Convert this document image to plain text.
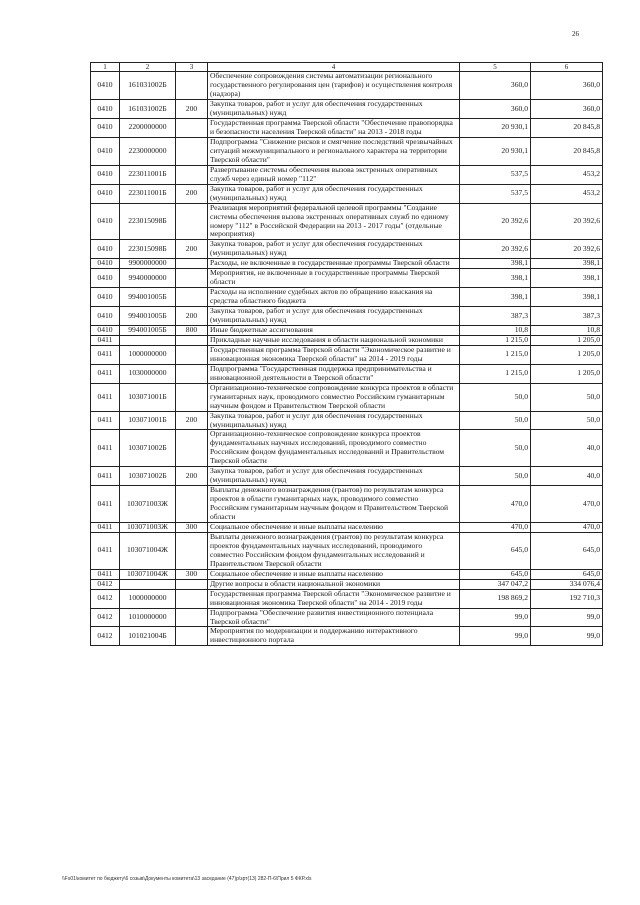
26
1	2	3	4	5	6
0410	161031002Б		Обеспечение сопровождения системы автоматизации регионального государственного регулирования цен (тарифов) и осуществления контроля (надзора)	360,0	360,0
0410	161031002Б	200	Закупка товаров, работ и услуг для обеспечения государственных (муниципальных) нужд	360,0	360,0
0410	2200000000		Государственная программа Тверской области "Обеспечение правопорядка и безопасности населения Тверской области" на 2013 - 2018 годы	20 930,1	20 845,8
0410	2230000000		Подпрограмма "Снижение рисков и смягчение последствий чрезвычайных ситуаций межмуниципального и регионального характера на территории Тверской области"	20 930,1	20 845,8
0410	223011001Б		Развертывание системы обеспечения вызова экстренных оперативных служб через единый номер "112"	537,5	453,2
0410	223011001Б	200	Закупка товаров, работ и услуг для обеспечения государственных (муниципальных) нужд	537,5	453,2
0410	223015098Б		Реализация мероприятий федеральной целевой программы "Создание системы обеспечения вызова экстренных оперативных служб по единому номеру "112" в Российской Федерации на 2013 - 2017 годы" (отдельные мероприятия)	20 392,6	20 392,6
0410	223015098Б	200	Закупка товаров, работ и услуг для обеспечения государственных (муниципальных) нужд	20 392,6	20 392,6
0410	9900000000		Расходы, не включенные в государственные программы Тверской области	398,1	398,1
0410	9940000000		Мероприятия, не включенные в государственные программы Тверской области	398,1	398,1
0410	994001005Б		Расходы на исполнение судебных актов по обращению взыскания на средства областного бюджета	398,1	398,1
0410	994001005Б	200	Закупка товаров, работ и услуг для обеспечения государственных (муниципальных) нужд	387,3	387,3
0410	994001005Б	800	Иные бюджетные ассигнования	10,8	10,8
0411			Прикладные научные исследования в области национальной экономики	1 215,0	1 205,0
0411	1000000000		Государственная программа Тверской области "Экономическое развитие и инновационная экономика Тверской области" на 2014 - 2019 годы	1 215,0	1 205,0
0411	1030000000		Подпрограмма "Государственная поддержка предпринимательства и инновационной деятельности в Тверской области"	1 215,0	1 205,0
0411	103071001Б		Организационно-техническое сопровождение конкурса проектов в области гуманитарных наук, проводимого совместно Российским гуманитарным научным фондом и Правительством Тверской области	50,0	50,0
0411	103071001Б	200	Закупка товаров, работ и услуг для обеспечения государственных (муниципальных) нужд	50,0	50,0
0411	103071002Б		Организационно-техническое сопровождение конкурса проектов фундаментальных научных исследований, проводимого совместно Российским фондом фундаментальных исследований и Правительством Тверской области	50,0	40,0
0411	103071002Б	200	Закупка товаров, работ и услуг для обеспечения государственных (муниципальных) нужд	50,0	40,0
0411	103071003Ж		Выплаты денежного вознаграждения (грантов) по результатам конкурса проектов в области гуманитарных наук, проводимого совместно Российским гуманитарным научным фондом и Правительством Тверской области	470,0	470,0
0411	103071003Ж	300	Социальное обеспечение и иные выплаты населению	470,0	470,0
0411	103071004Ж		Выплаты денежного вознаграждения (грантов) по результатам конкурса проектов фундаментальных научных исследований, проводимого совместно Российским фондом фундаментальных исследований и Правительством Тверской области	645,0	645,0
0411	103071004Ж	300	Социальное обеспечение и иные выплаты населению	645,0	645,0
0412			Другие вопросы в области национальной экономики	347 047,2	334 076,4
0412	1000000000		Государственная программа Тверской области "Экономическое развитие и инновационная экономика Тверской области" на 2014 - 2019 годы	198 869,2	192 710,3
0412	1010000000		Подпрограмма "Обеспечение развития инвестиционного потенциала Тверской области"	99,0	99,0
0412	101021004Б		Мероприятия по модернизации и поддержанию интерактивного инвестиционного портала	99,0	99,0
\\Fs01\комитет по бюджету\6 созыв\Документы комитета\13 заседание (47)р\зрт(13) 282-П-6\Прил 5 ФКР.xls
